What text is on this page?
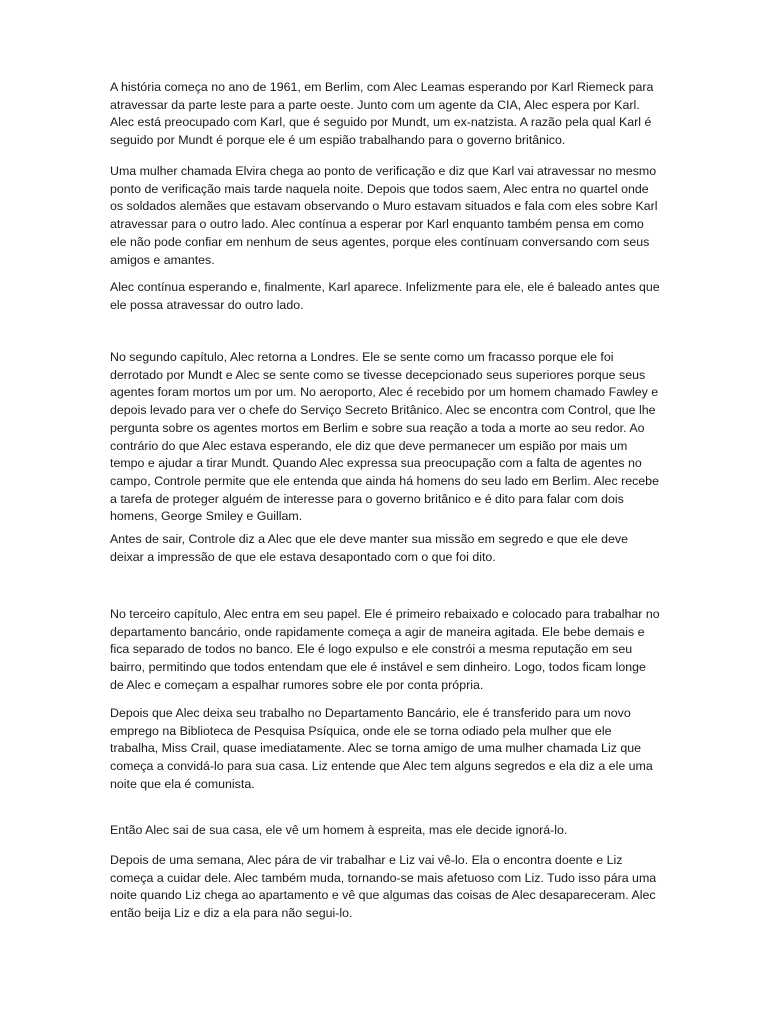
A história começa no ano de 1961, em Berlim, com Alec Leamas esperando por Karl Riemeck para atravessar da parte leste para a parte oeste. Junto com um agente da CIA, Alec espera por Karl. Alec está preocupado com Karl, que é seguido por Mundt, um ex-natzista. A razão pela qual Karl é seguido por Mundt é porque ele é um espião trabalhando para o governo britânico.

Uma mulher chamada Elvira chega ao ponto de verificação e diz que Karl vai atravessar no mesmo ponto de verificação mais tarde naquela noite. Depois que todos saem, Alec entra no quartel onde os soldados alemães que estavam observando o Muro estavam situados e fala com eles sobre Karl atravessar para o outro lado. Alec contínua a esperar por Karl enquanto também pensa em como ele não pode confiar em nenhum de seus agentes, porque eles contínuam conversando com seus amigos e amantes.

Alec contínua esperando e, finalmente, Karl aparece. Infelizmente para ele, ele é baleado antes que ele possa atravessar do outro lado.

No segundo capítulo, Alec retorna a Londres. Ele se sente como um fracasso porque ele foi derrotado por Mundt e Alec se sente como se tivesse decepcionado seus superiores porque seus agentes foram mortos um por um. No aeroporto, Alec é recebido por um homem chamado Fawley e depois levado para ver o chefe do Serviço Secreto Britânico. Alec se encontra com Control, que lhe pergunta sobre os agentes mortos em Berlim e sobre sua reação a toda a morte ao seu redor. Ao contrário do que Alec estava esperando, ele diz que deve permanecer um espião por mais um tempo e ajudar a tirar Mundt. Quando Alec expressa sua preocupação com a falta de agentes no campo, Controle permite que ele entenda que ainda há homens do seu lado em Berlim. Alec recebe a tarefa de proteger alguém de interesse para o governo britânico e é dito para falar com dois homens, George Smiley e Guillam.

Antes de sair, Controle diz a Alec que ele deve manter sua missão em segredo e que ele deve deixar a impressão de que ele estava desapontado com o que foi dito.

No terceiro capítulo, Alec entra em seu papel. Ele é primeiro rebaixado e colocado para trabalhar no departamento bancário, onde rapidamente começa a agir de maneira agitada. Ele bebe demais e fica separado de todos no banco. Ele é logo expulso e ele constrói a mesma reputação em seu bairro, permitindo que todos entendam que ele é instável e sem dinheiro. Logo, todos ficam longe de Alec e começam a espalhar rumores sobre ele por conta própria.

Depois que Alec deixa seu trabalho no Departamento Bancário, ele é transferido para um novo emprego na Biblioteca de Pesquisa Psíquica, onde ele se torna odiado pela mulher que ele trabalha, Miss Crail, quase imediatamente. Alec se torna amigo de uma mulher chamada Liz que começa a convidá-lo para sua casa. Liz entende que Alec tem alguns segredos e ela diz a ele uma noite que ela é comunista.

Então Alec sai de sua casa, ele vê um homem à espreita, mas ele decide ignorá-lo.

Depois de uma semana, Alec pára de vir trabalhar e Liz vai vê-lo. Ela o encontra doente e Liz começa a cuidar dele. Alec também muda, tornando-se mais afetuoso com Liz. Tudo isso pára uma noite quando Liz chega ao apartamento e vê que algumas das coisas de Alec desapareceram. Alec então beija Liz e diz a ela para não segui-lo.
